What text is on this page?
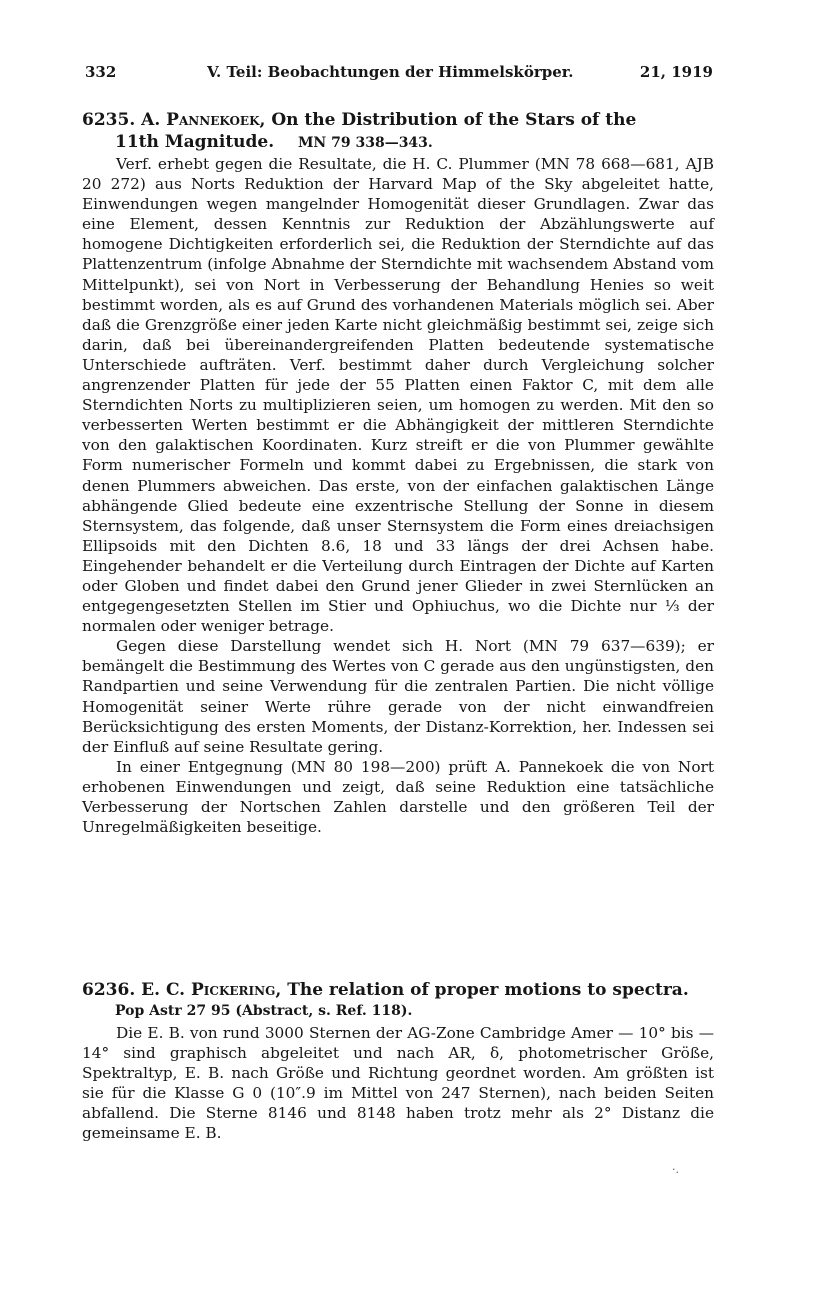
332	V. Teil: Beobachtungen der Himmelskörper.	21, 1919
6235. A. Pannekoek, On the Distribution of the Stars of the
11th Magnitude. MN 79 338—343.

Verf. erhebt gegen die Resultate, die H. C. Plummer (MN 78 668—681, AJB 20 272) aus Norts Reduktion der Harvard Map of the Sky abgeleitet hatte, Einwendungen wegen mangelnder Homogenität dieser Grundlagen. Zwar das eine Element, dessen Kenntnis zur Reduktion der Abzählungswerte auf homogene Dichtigkeiten erforderlich sei, die Reduktion der Sterndichte auf das Plattenzentrum (infolge Abnahme der Sterndichte mit wachsendem Abstand vom Mittelpunkt), sei von Nort in Verbesserung der Behandlung Henies so weit bestimmt worden, als es auf Grund des vorhandenen Materials möglich sei. Aber daß die Grenzgröße einer jeden Karte nicht gleichmäßig bestimmt sei, zeige sich darin, daß bei übereinandergreifenden Platten bedeutende systematische Unterschiede aufträten. Verf. bestimmt daher durch Vergleichung solcher angrenzender Platten für jede der 55 Platten einen Faktor C, mit dem alle Sterndichten Norts zu multiplizieren seien, um homogen zu werden. Mit den so verbesserten Werten bestimmt er die Abhängigkeit der mittleren Sterndichte von den galaktischen Koordinaten. Kurz streift er die von Plummer gewählte Form numerischer Formeln und kommt dabei zu Ergebnissen, die stark von denen Plummers abweichen. Das erste, von der einfachen galaktischen Länge abhängende Glied bedeute eine exzentrische Stellung der Sonne in diesem Sternsystem, das folgende, daß unser Sternsystem die Form eines dreiachsigen Ellipsoids mit den Dichten 8.6, 18 und 33 längs der drei Achsen habe. Eingehender behandelt er die Verteilung durch Eintragen der Dichte auf Karten oder Globen und findet dabei den Grund jener Glieder in zwei Sternlücken an entgegengesetzten Stellen im Stier und Ophiuchus, wo die Dichte nur ⅓ der normalen oder weniger betrage.

Gegen diese Darstellung wendet sich H. Nort (MN 79 637—639); er bemängelt die Bestimmung des Wertes von C gerade aus den ungünstigsten, den Randpartien und seine Verwendung für die zentralen Partien. Die nicht völlige Homogenität seiner Werte rühre gerade von der nicht einwandfreien Berücksichtigung des ersten Moments, der Distanz-Korrektion, her. Indessen sei der Einfluß auf seine Resultate gering.

In einer Entgegnung (MN 80 198—200) prüft A. Pannekoek die von Nort erhobenen Einwendungen und zeigt, daß seine Reduktion eine tatsächliche Verbesserung der Nortschen Zahlen darstelle und den größeren Teil der Unregelmäßigkeiten beseitige.

6236. E. C. Pickering, The relation of proper motions to spectra.
Pop Astr 27 95 (Abstract, s. Ref. 118).

Die E. B. von rund 3000 Sternen der AG-Zone Cambridge Amer — 10° bis — 14° sind graphisch abgeleitet und nach AR, δ, photometrischer Größe, Spektraltyp, E. B. nach Größe und Richtung geordnet worden. Am größten ist sie für die Klasse G 0 (10″.9 im Mittel von 247 Sternen), nach beiden Seiten abfallend. Die Sterne 8146 und 8148 haben trotz mehr als 2° Distanz die gemeinsame E. B.

·.
